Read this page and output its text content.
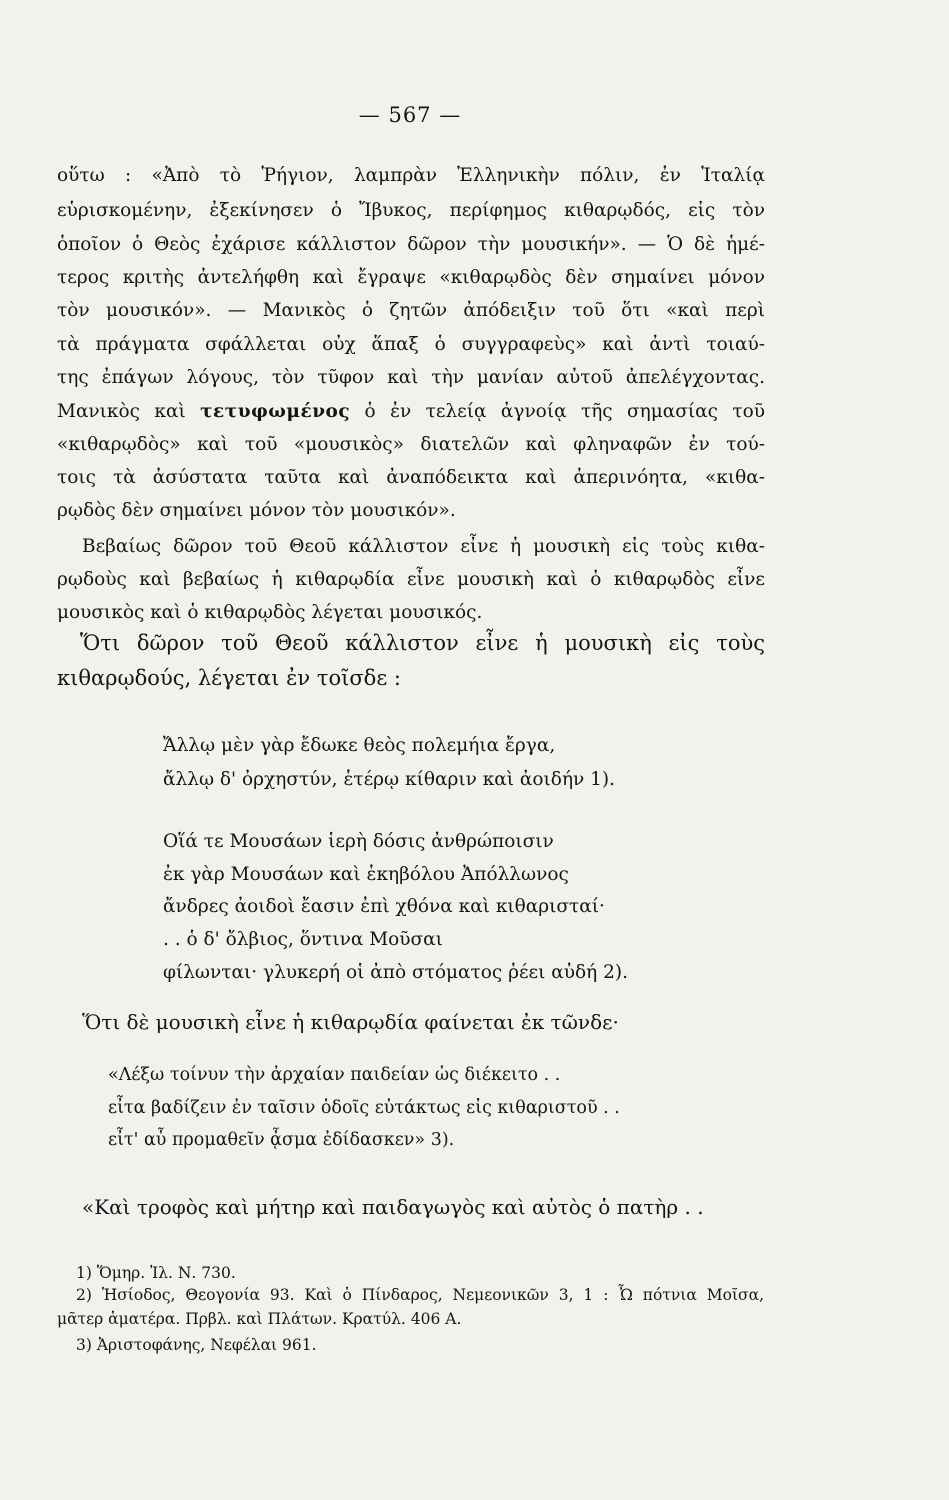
— 567 —
οὕτω : «Ἀπὸ τὸ Ῥήγιον, λαμπρὰν Ἑλληνικὴν πόλιν, ἐν Ἰταλίᾳ
εὑρισκομένην, ἐξεκίνησεν ὁ Ἴβυκος, περίφημος κιθαρῳδός, εἰς τὸν
ὁποῖον ὁ Θεὸς ἐχάρισε κάλλιστον δῶρον τὴν μουσικήν». — Ὁ δὲ ἡμέ-
τερος κριτὴς ἀντελήφθη καὶ ἔγραψε «κιθαρῳδὸς δὲν σημαίνει μόνον
τὸν μουσικόν». — Μανικὸς ὁ ζητῶν ἀπόδειξιν τοῦ ὅτι «καὶ περὶ
τὰ πράγματα σφάλλεται οὐχ ἅπαξ ὁ συγγραφεὺς» καὶ ἀντὶ τοιαύ-
της ἐπάγων λόγους, τὸν τῦφον καὶ τὴν μανίαν αὐτοῦ ἀπελέγχοντας.
Μανικὸς καὶ τετυφωμένος ὁ ἐν τελείᾳ ἀγνοίᾳ τῆς σημασίας τοῦ
«κιθαρῳδὸς» καὶ τοῦ «μουσικὸς» διατελῶν καὶ φληναφῶν ἐν τού-
τοις τὰ ἀσύστατα ταῦτα καὶ ἀναπόδεικτα καὶ ἀπερινόητα, «κιθα-
ρῳδὸς δὲν σημαίνει μόνον τὸν μουσικόν».
Βεβαίως δῶρον τοῦ Θεοῦ κάλλιστον εἶνε ἡ μουσικὴ εἰς τοὺς κιθα-
ρῳδοὺς καὶ βεβαίως ἡ κιθαρῳδία εἶνε μουσικὴ καὶ ὁ κιθαρῳδὸς εἶνε
μουσικὸς καὶ ὁ κιθαρῳδὸς λέγεται μουσικός.
Ὅτι δῶρον τοῦ Θεοῦ κάλλιστον εἶνε ἡ μουσικὴ εἰς τοὺς
κιθαρῳδούς, λέγεται ἐν τοῖσδε :
Ἄλλῳ μὲν γὰρ ἔδωκε θεὸς πολεμήια ἔργα,
ἄλλῳ δ' ὀρχηστύν, ἑτέρῳ κίθαριν καὶ ἀοιδήν 1).
Οἵά τε Μουσάων ἱερὴ δόσις ἀνθρώποισιν
ἐκ γὰρ Μουσάων καὶ ἑκηβόλου Ἀπόλλωνος
ἄνδρες ἀοιδοὶ ἔασιν ἐπὶ χθόνα καὶ κιθαρισταί·
. . ὁ δ' ὄλβιος, ὅντινα Μοῦσαι
φίλωνται· γλυκερή οἱ ἀπὸ στόματος ῥέει αὐδή 2).
Ὅτι δὲ μουσικὴ εἶνε ἡ κιθαρῳδία φαίνεται ἐκ τῶνδε·
«Λέξω τοίνυν τὴν ἀρχαίαν παιδείαν ὡς διέκειτο . .
εἶτα βαδίζειν ἐν ταῖσιν ὁδοῖς εὐτάκτως εἰς κιθαριστοῦ . .
εἶτ' αὖ προμαθεῖν ᾆσμα ἐδίδασκεν» 3).
«Καὶ τροφὸς καὶ μήτηρ καὶ παιδαγωγὸς καὶ αὐτὸς ὁ πατὴρ . .
1) Ὅμηρ. Ἰλ. Ν. 730.
2) Ἡσίοδος, Θεογονία 93. Καὶ ὁ Πίνδαρος, Νεμεονικῶν 3, 1 : Ὦ πότνια Μοῖσα,
μᾶτερ ἁματέρα. Πρβλ. καὶ Πλάτων. Κρατύλ. 406 Α.
3) Ἀριστοφάνης, Νεφέλαι 961.
